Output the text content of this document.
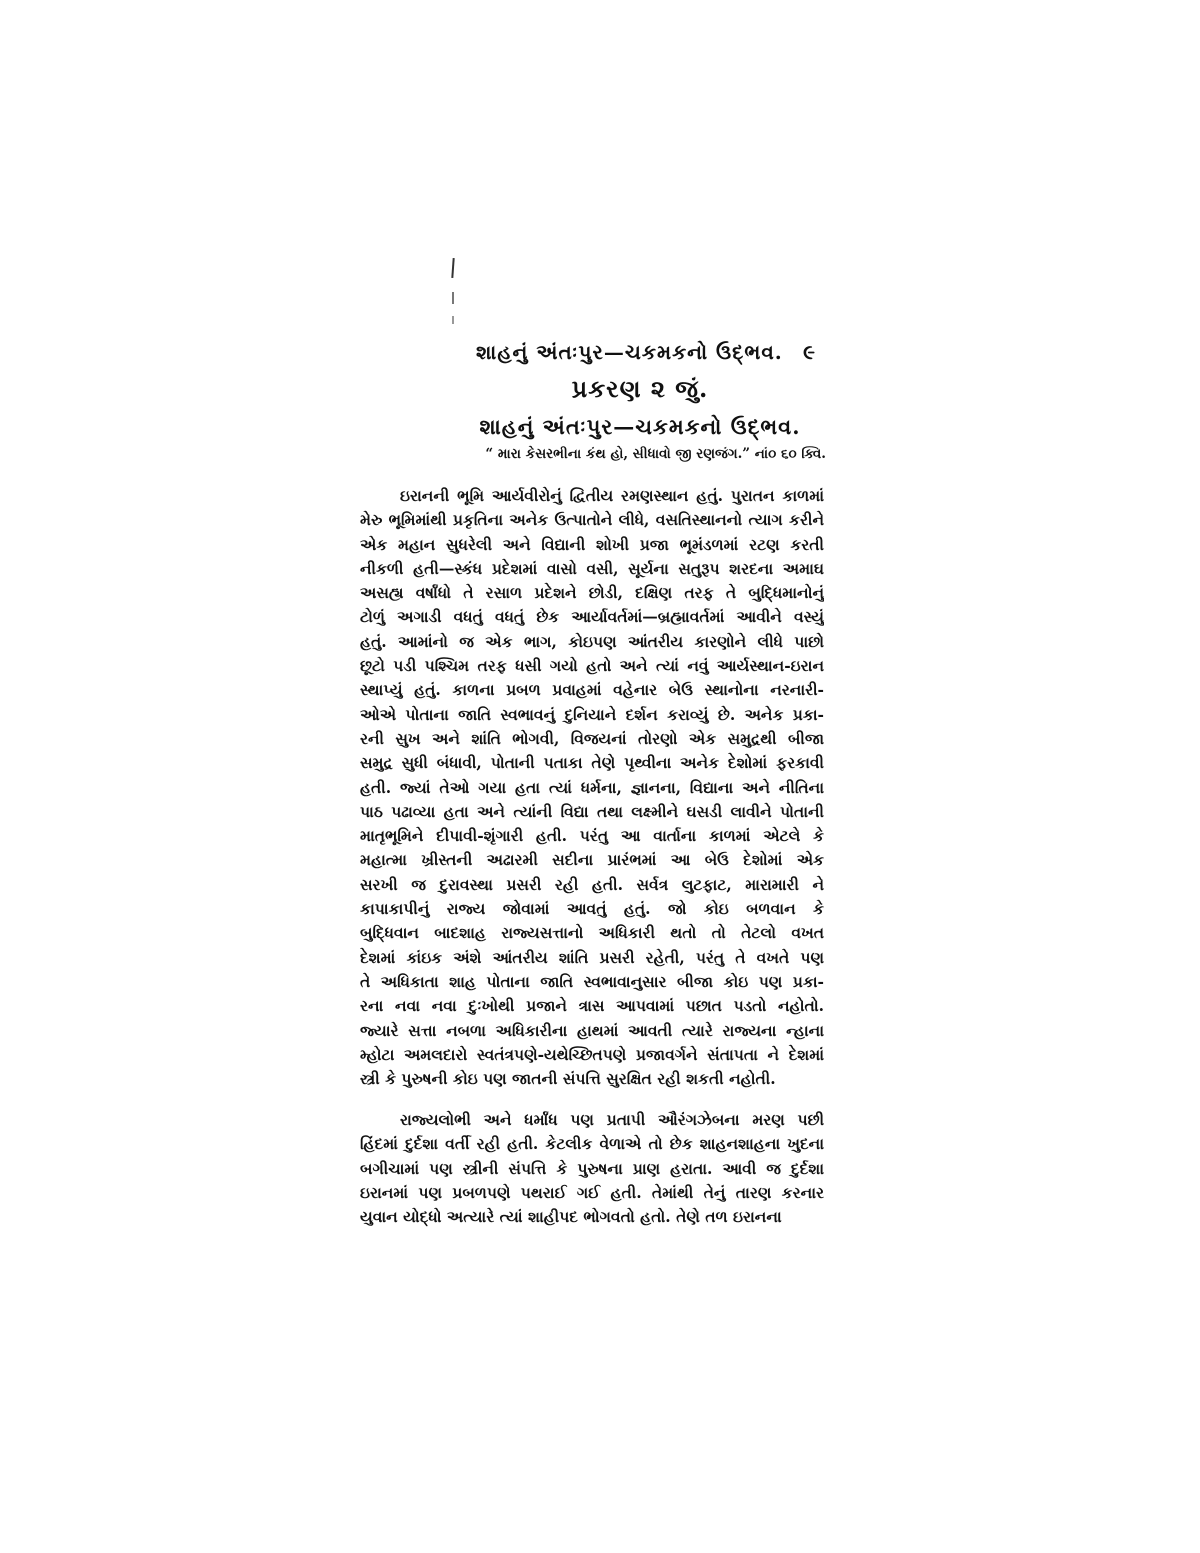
શાહનું અંતઃપુર—ચકમકનો ઉદ્ભવ. ૯
પ્રકરણ ૨ જું.
શાહનું અંતઃપુર—ચકમકનો ઉદ્ભવ.
“ મારા કેસરભીના કંથ હો, સીધાવો જી રણજંગ.” નાં૦ ૬૦ ક્વિ.
ઇરાનની ભૂમિ આર્યવીરોનું દ્વિતીય રમણસ્થાન હતું. પુરાતન કાળમાં
મેરુ ભૂમિમાંથી પ્રકૃતિના અનેક ઉત્પાતોને લીધે, વસતિસ્થાનનો ત્યાગ કરીને
એક મહાન સુધરેલી અને વિદ્યાની શોખી પ્રજા ભૂમંડળમાં રટણ કરતી
નીકળી હતી—સ્કંધ પ્રદેશમાં વાસો વસી, સૂર્યના સતુરૂપ શરદના અમાઘ
અસહ્ય વર્ષાંધો તે રસાળ પ્રદેશને છોડી, દક્ષિણ તરફ તે બુદ્ધિમાનોનું
ટોળું અગાડી વધતું વધતું છેક આર્યાવર્તમાં—બ્રહ્માવર્તમાં આવીને વસ્યું
હતું. આમાંનો જ એક ભાગ, કોઇપણ આંતરીય કારણોને લીધે પાછો
છૂટો પડી પશ્ચિમ તરફ ધસી ગયો હતો અને ત્યાં નવું આર્યસ્થાન-ઇરાન
સ્થાપ્યું હતું. કાળના પ્રબળ પ્રવાહમાં વહેનાર બેઉ સ્થાનોના નરનારી-
ઓએ પોતાના જાતિ સ્વભાવનું દુનિયાને દર્શન કરાવ્યું છે. અનેક પ્રકા-
રની સુખ અને શાંતિ ભોગવી, વિજયનાં તોરણો એક સમુદ્રથી બીજા
સમુદ્ર સુધી બંધાવી, પોતાની પતાકા તેણે પૃથ્વીના અનેક દેશોમાં ફરકાવી
હતી. જ્યાં તેઓ ગયા હતા ત્યાં ધર્મના, જ્ઞાનના, વિદ્યાના અને નીતિના
પાઠ પઢાવ્યા હતા અને ત્યાંની વિદ્યા તથા લક્ષ્મીને ઘસડી લાવીને પોતાની
માતૃભૂમિને દીપાવી-શૃંગારી હતી. પરંતુ આ વાર્તાના કાળમાં એટલે કે
મહાત્મા ખ્રીસ્તની અઢારમી સદીના પ્રારંભમાં આ બેઉ દેશોમાં એક
સરખી જ દુરાવસ્થા પ્રસરી રહી હતી. સર્વત્ર લુટફાટ, મારામારી ને
કાપાકાપીનું રાજ્ય જોવામાં આવતું હતું. જો કોઇ બળવાન કે
બુદ્ધિવાન બાદશાહ રાજ્યસત્તાનો અધિકારી થતો તો તેટલો વખત
દેશમાં કાંઇક અંશે આંતરીય શાંતિ પ્રસરી રહેતી, પરંતુ તે વખતે પણ
તે અધિકાતા શાહ પોતાના જાતિ સ્વભાવાનુસાર બીજા કોઇ પણ પ્રકા-
રના નવા નવા દુઃખોથી પ્રજાને ત્રાસ આપવામાં પછાત પડતો નહોતો.
જ્યારે સત્તા નબળા અધિકારીના હાથમાં આવતી ત્યારે રાજ્યના ન્હાના
મ્હોટા અમલદારો સ્વતંત્રપણે-યથેચ્છિતપણે પ્રજાવર્ગને સંતાપતા ને દેશમાં
સ્ત્રી કે પુરુષની કોઇ પણ જાતની સંપત્તિ સુરક્ષિત રહી શકતી નહોતી.
રાજ્યલોભી અને ધર્માંધ પણ પ્રતાપી ઔરંગઝેબના મરણ પછી
હિંદમાં દુર્દશા વર્તી રહી હતી. કેટલીક વેળાએ તો છેક શાહનશાહના ખુદના
બગીચામાં પણ સ્ત્રીની સંપત્તિ કે પુરુષના પ્રાણ હરાતા. આવી જ દુર્દશા
ઇરાનમાં પણ પ્રબળપણે પથરાઈ ગઈ હતી. તેમાંથી તેનું તારણ કરનાર
યુવાન યોદ્ધો અત્યારે ત્યાં શાહીપદ ભોગવતો હતો. તેણે તળ ઇરાનના
